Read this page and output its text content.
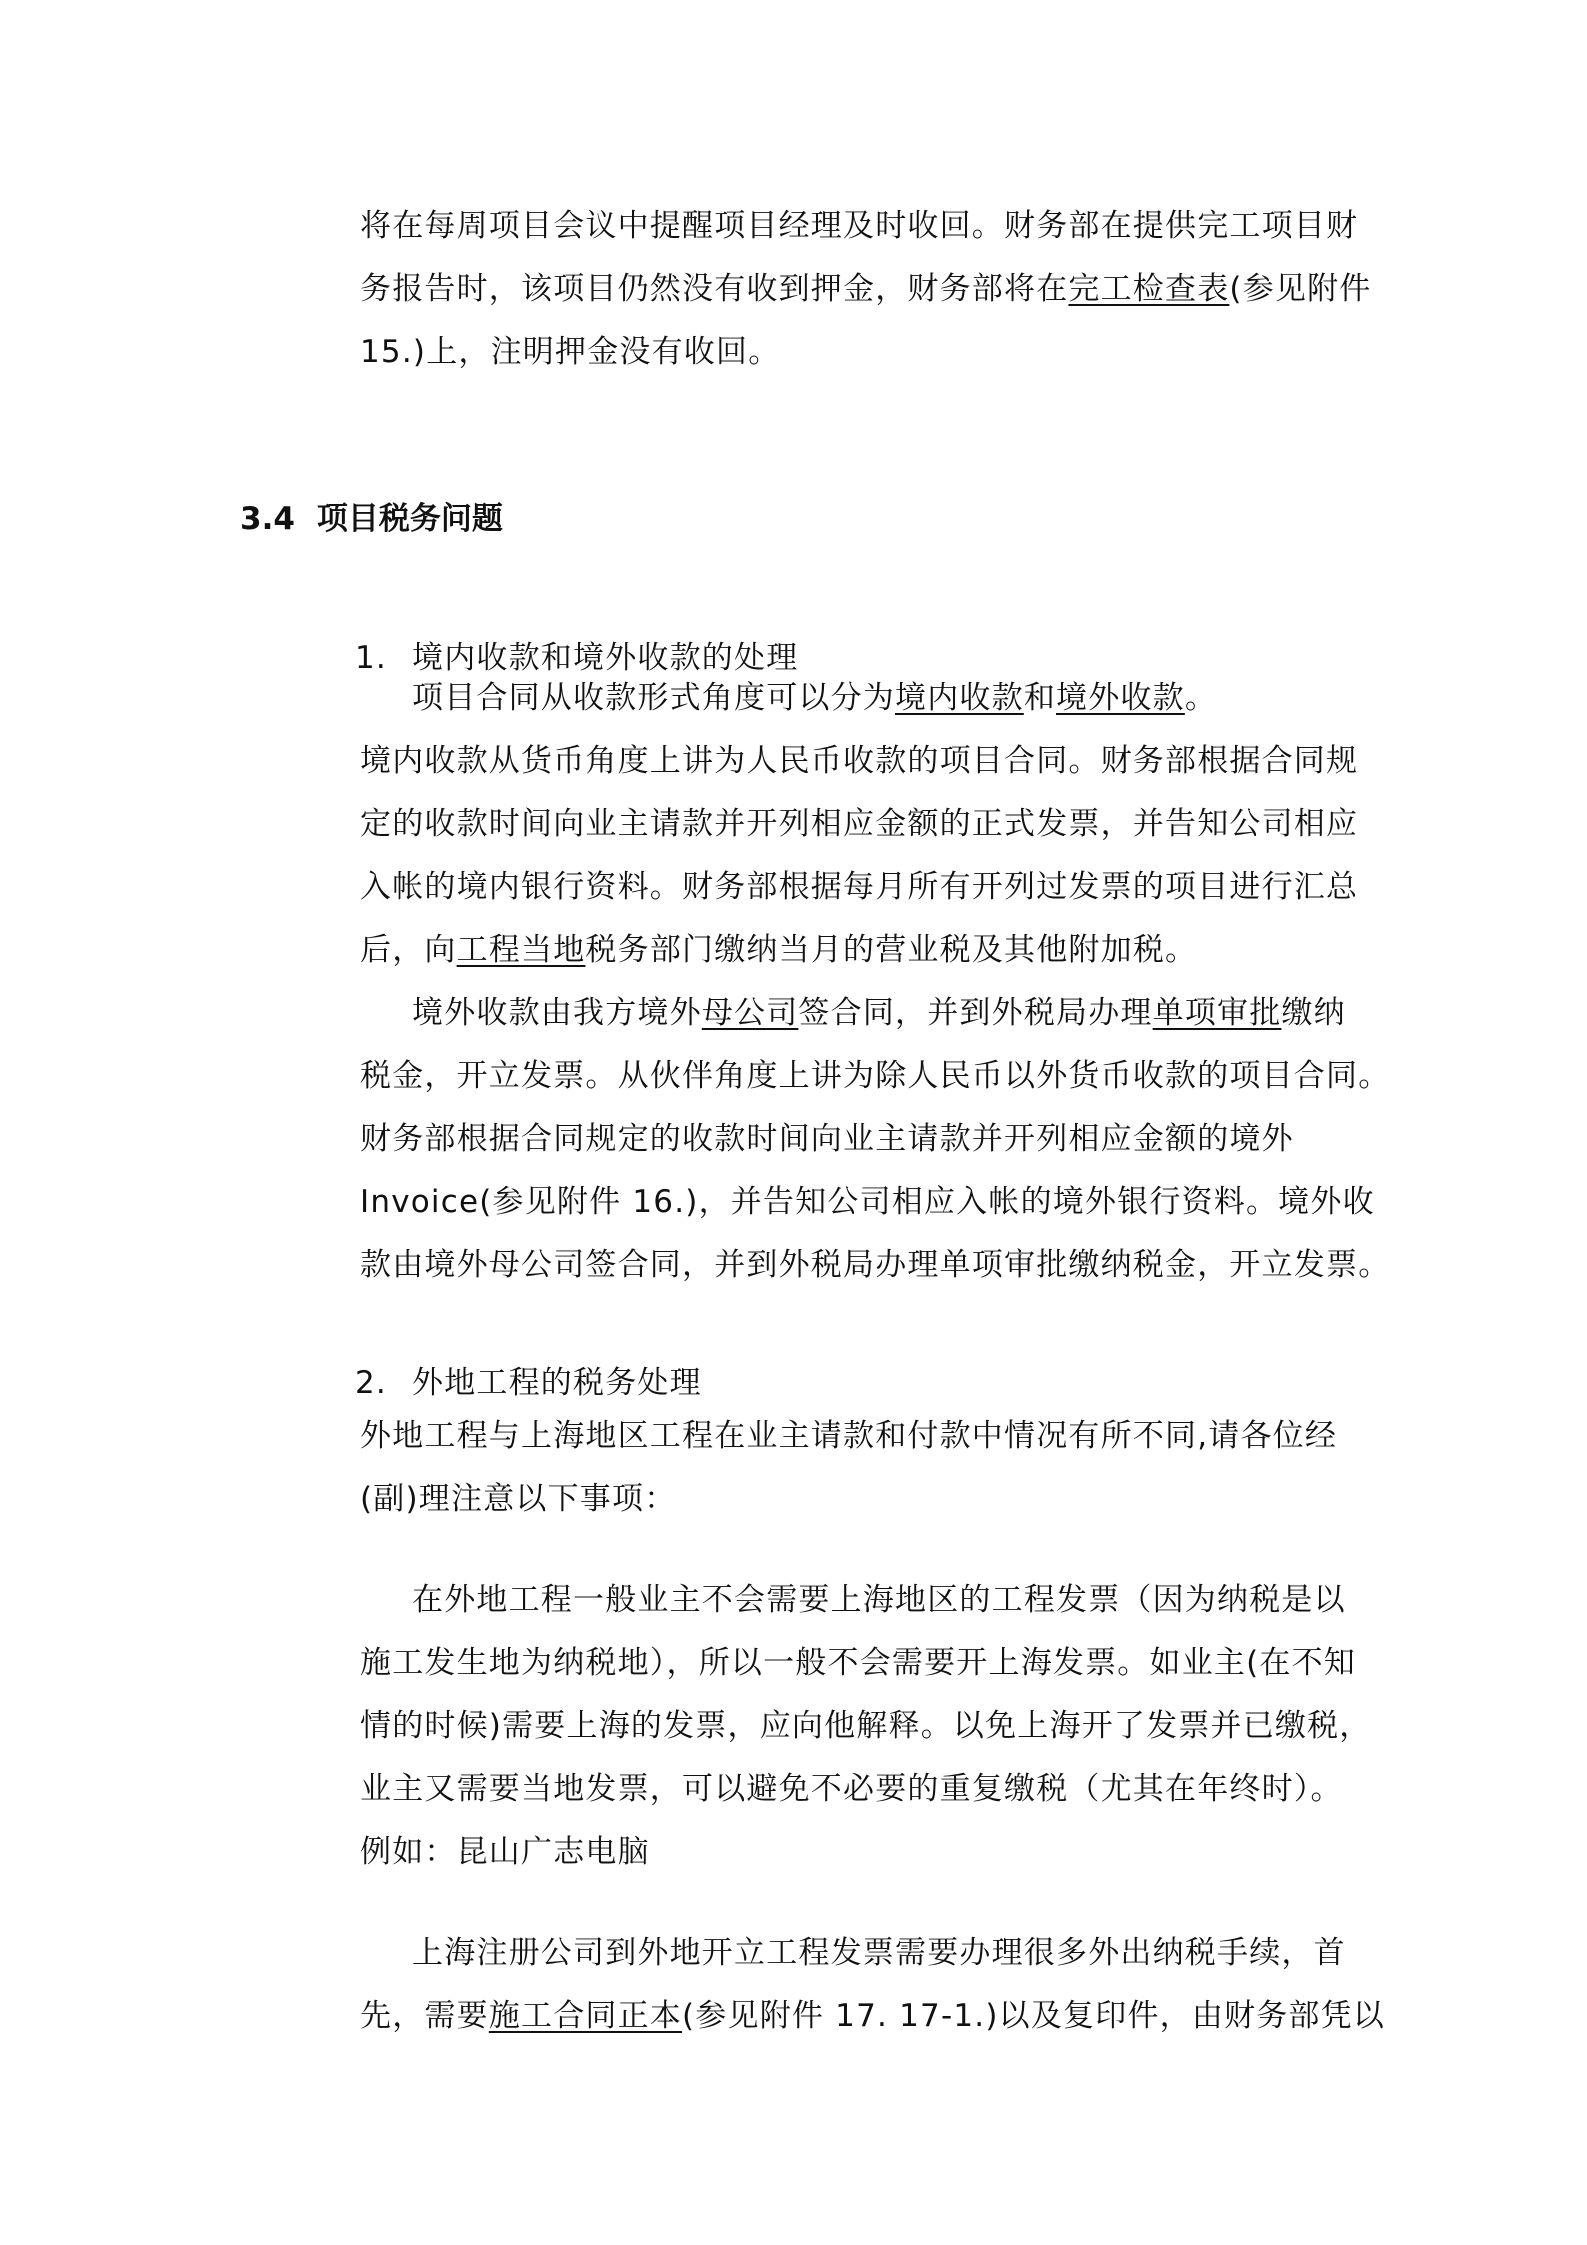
将在每周项目会议中提醒项目经理及时收回。财务部在提供完工项目财
务报告时，该项目仍然没有收到押金，财务部将在完工检查表(参见附件
15.)上，注明押金没有收回。
3.4 项目税务问题
1. 境内收款和境外收款的处理
项目合同从收款形式角度可以分为境内收款和境外收款。
境内收款从货币角度上讲为人民币收款的项目合同。财务部根据合同规
定的收款时间向业主请款并开列相应金额的正式发票，并告知公司相应
入帐的境内银行资料。财务部根据每月所有开列过发票的项目进行汇总
后，向工程当地税务部门缴纳当月的营业税及其他附加税。
境外收款由我方境外母公司签合同，并到外税局办理单项审批缴纳
税金，开立发票。从伙伴角度上讲为除人民币以外货币收款的项目合同。
财务部根据合同规定的收款时间向业主请款并开列相应金额的境外
Invoice(参见附件 16.)，并告知公司相应入帐的境外银行资料。境外收
款由境外母公司签合同，并到外税局办理单项审批缴纳税金，开立发票。
2. 外地工程的税务处理
外地工程与上海地区工程在业主请款和付款中情况有所不同,请各位经
(副)理注意以下事项：
在外地工程一般业主不会需要上海地区的工程发票（因为纳税是以
施工发生地为纳税地），所以一般不会需要开上海发票。如业主(在不知
情的时候)需要上海的发票，应向他解释。以免上海开了发票并已缴税，
业主又需要当地发票，可以避免不必要的重复缴税（尤其在年终时）。
例如：昆山广志电脑
上海注册公司到外地开立工程发票需要办理很多外出纳税手续，首
先，需要施工合同正本(参见附件 17. 17-1.)以及复印件，由财务部凭以
